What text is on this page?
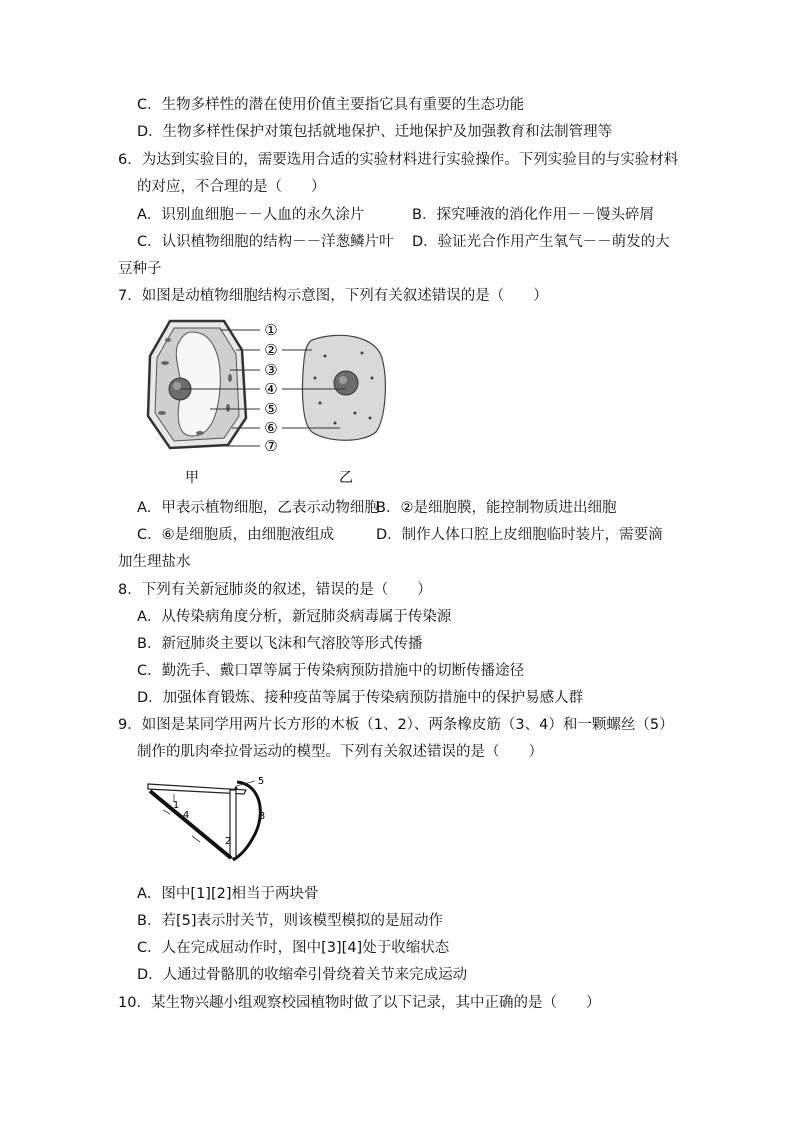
C．生物多样性的潜在使用价值主要指它具有重要的生态功能
D．生物多样性保护对策包括就地保护、迁地保护及加强教育和法制管理等
6．为达到实验目的，需要选用合适的实验材料进行实验操作。下列实验目的与实验材料
的对应，不合理的是（　　）
A．识别血细胞－－人血的永久涂片	B．探究唾液的消化作用－－馒头碎屑
C．认识植物细胞的结构－－洋葱鳞片叶 D．验证光合作用产生氧气－－萌发的大
豆种子
7．如图是动植物细胞结构示意图，下列有关叙述错误的是（　　）
①
②
③
④
⑤
⑥
⑦
甲	乙
A．甲表示植物细胞，乙表示动物细胞
B．②是细胞膜，能控制物质进出细胞
C．⑥是细胞质，由细胞液组成	D．制作人体口腔上皮细胞临时装片，需要滴
加生理盐水
8．下列有关新冠肺炎的叙述，错误的是（　　）
A．从传染病角度分析，新冠肺炎病毒属于传染源
B．新冠肺炎主要以飞沫和气溶胶等形式传播
C．勤洗手、戴口罩等属于传染病预防措施中的切断传播途径
D．加强体育锻炼、接种疫苗等属于传染病预防措施中的保护易感人群
9．如图是某同学用两片长方形的木板（1、2）、两条橡皮筋（3、4）和一颗螺丝（5）
制作的肌肉牵拉骨运动的模型。下列有关叙述错误的是（　　）
1
2
3
4
5
A．图中[1][2]相当于两块骨
B．若[5]表示肘关节，则该模型模拟的是屈动作
C．人在完成屈动作时，图中[3][4]处于收缩状态
D．人通过骨骼肌的收缩牵引骨绕着关节来完成运动
10．某生物兴趣小组观察校园植物时做了以下记录，其中正确的是（　　）
